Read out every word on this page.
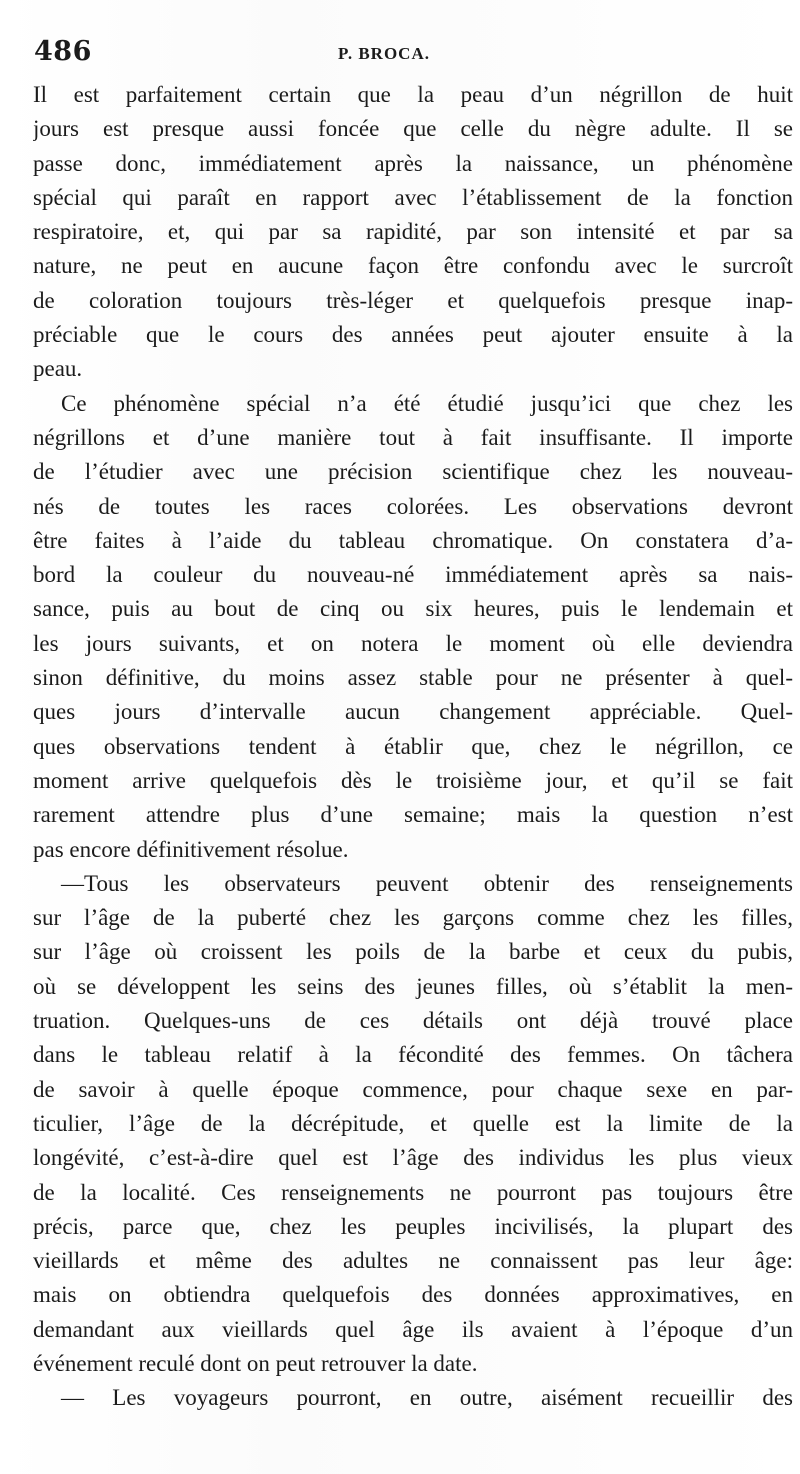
486	P. BROCA.
Il est parfaitement certain que la peau d’un négrillon de huit
jours est presque aussi foncée que celle du nègre adulte. Il se
passe donc, immédiatement après la naissance, un phénomène
spécial qui paraît en rapport avec l’établissement de la fonction
respiratoire, et, qui par sa rapidité, par son intensité et par sa
nature, ne peut en aucune façon être confondu avec le surcroît
de coloration toujours très-léger et quelquefois presque inap-
préciable que le cours des années peut ajouter ensuite à la
peau.
Ce phénomène spécial n’a été étudié jusqu’ici que chez les
négrillons et d’une manière tout à fait insuffisante. Il importe
de l’étudier avec une précision scientifique chez les nouveau-
nés de toutes les races colorées. Les observations devront
être faites à l’aide du tableau chromatique. On constatera d’a-
bord la couleur du nouveau-né immédiatement après sa nais-
sance, puis au bout de cinq ou six heures, puis le lendemain et
les jours suivants, et on notera le moment où elle deviendra
sinon définitive, du moins assez stable pour ne présenter à quel-
ques jours d’intervalle aucun changement appréciable. Quel-
ques observations tendent à établir que, chez le négrillon, ce
moment arrive quelquefois dès le troisième jour, et qu’il se fait
rarement attendre plus d’une semaine; mais la question n’est
pas encore définitivement résolue.
—Tous les observateurs peuvent obtenir des renseignements
sur l’âge de la puberté chez les garçons comme chez les filles,
sur l’âge où croissent les poils de la barbe et ceux du pubis,
où se développent les seins des jeunes filles, où s’établit la men-
truation. Quelques-uns de ces détails ont déjà trouvé place
dans le tableau relatif à la fécondité des femmes. On tâchera
de savoir à quelle époque commence, pour chaque sexe en par-
ticulier, l’âge de la décrépitude, et quelle est la limite de la
longévité, c’est-à-dire quel est l’âge des individus les plus vieux
de la localité. Ces renseignements ne pourront pas toujours être
précis, parce que, chez les peuples incivilisés, la plupart des
vieillards et même des adultes ne connaissent pas leur âge:
mais on obtiendra quelquefois des données approximatives, en
demandant aux vieillards quel âge ils avaient à l’époque d’un
événement reculé dont on peut retrouver la date.
— Les voyageurs pourront, en outre, aisément recueillir des
